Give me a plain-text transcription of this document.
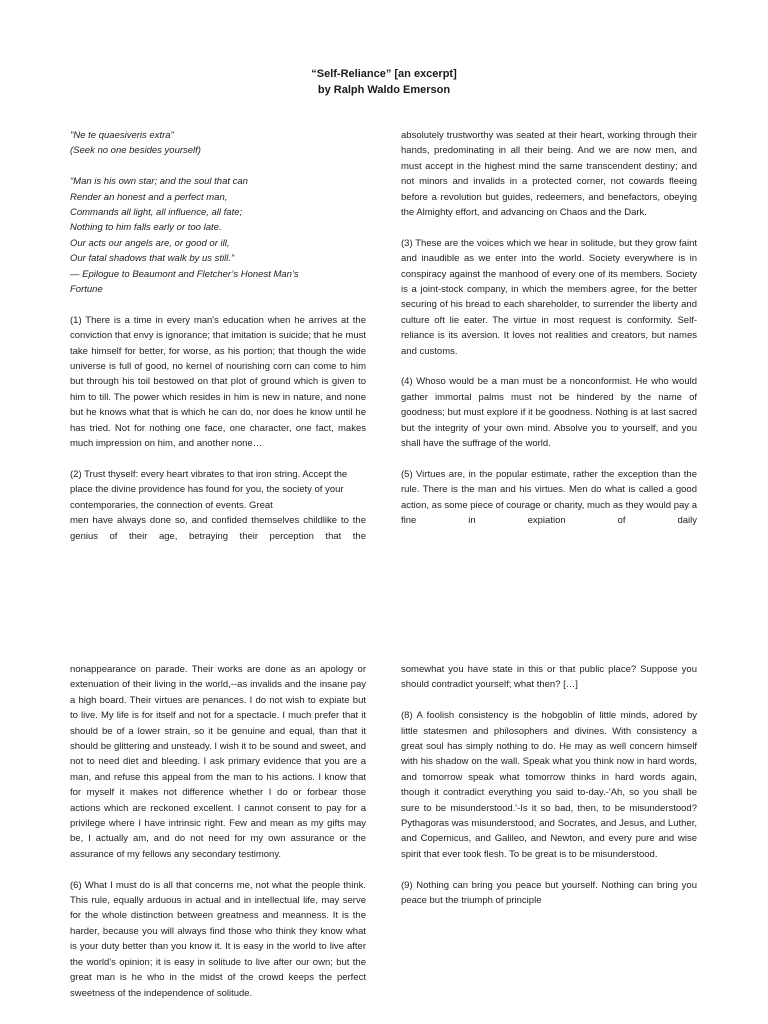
“Self-Reliance” [an excerpt]
by Ralph Waldo Emerson

"Ne te quaesiveris extra"
(Seek no one besides yourself)

“Man is his own star; and the soul that can
Render an honest and a perfect man,
Commands all light, all influence, all fate;
Nothing to him falls early or too late.
Our acts our angels are, or good or ill,
Our fatal shadows that walk by us still.”
— Epilogue to Beaumont and Fletcher’s Honest Man’s
Fortune

(1) There is a time in every man's education when he arrives at the conviction that envy is ignorance; that imitation is suicide; that he must take himself for better, for worse, as his portion; that though the wide universe is full of good, no kernel of nourishing corn can come to him but through his toil bestowed on that plot of ground which is given to him to till. The power which resides in him is new in nature, and none but he knows what that is which he can do, nor does he know until he has tried. Not for nothing one face, one character, one fact, makes much impression on him, and another none…

(2) Trust thyself: every heart vibrates to that iron string. Accept the place the divine providence has found for you, the society of your contemporaries, the connection of events. Great
men have always done so, and confided themselves childlike to the genius of their age, betraying their perception that the

absolutely trustworthy was seated at their heart, working through their hands, predominating in all their being. And we are now men, and must accept in the highest mind the same transcendent destiny; and not minors and invalids in a protected corner, not cowards fleeing before a revolution but guides, redeemers, and benefactors, obeying the Almighty effort, and advancing on Chaos and the Dark.

(3) These are the voices which we hear in solitude, but they grow faint and inaudible as we enter into the world. Society everywhere is in conspiracy against the manhood of every one of its members. Society is a joint-stock company, in which the members agree, for the better securing of his bread to each shareholder, to surrender the liberty and culture oft lie eater. The virtue in most request is conformity. Self-reliance is its aversion. It loves not realities and creators, but names and customs.

(4) Whoso would be a man must be a nonconformist. He who would gather immortal palms must not be hindered by the name of goodness; but must explore if it be goodness. Nothing is at last sacred but the integrity of your own mind. Absolve you to yourself, and you shall have the suffrage of the world.

(5) Virtues are, in the popular estimate, rather the exception than the rule. There is the man and his virtues. Men do what is called a good action, as some piece of courage or charity, much as they would pay a fine in expiation of daily

nonappearance on parade. Their works are done as an apology or extenuation of their living in the world,--as invalids and the insane pay a high board. Their virtues are penances. I do not wish to expiate but to live. My life is for itself and not for a spectacle. I much prefer that it should be of a lower strain, so it be genuine and equal, than that it should be glittering and unsteady. I wish it to be sound and sweet, and not to need diet and bleeding. I ask primary evidence that you are a man, and refuse this appeal from the man to his actions. I know that for myself it makes not difference whether I do or forbear those actions which are reckoned excellent. I cannot consent to pay for a privilege where I have intrinsic right. Few and mean as my gifts may be, I actually am, and do not need for my own assurance or the assurance of my fellows any secondary testimony.

(6) What I must do is all that concerns me, not what the people think. This rule, equally arduous in actual and in intellectual life, may serve for the whole distinction between greatness and meanness. It is the harder, because you will always find those who think they know what is your duty better than you know it. It is easy in the world to live after the world's opinion; it is easy in solitude to live after our own; but the great man is he who in the midst of the crowd keeps the perfect sweetness of the independence of solitude.

somewhat you have state in this or that public place? Suppose you should contradict yourself; what then? […]

(8) A foolish consistency is the hobgoblin of little minds, adored by little statesmen and philosophers and divines. With consistency a great soul has simply nothing to do. He may as well concern himself with his shadow on the wall. Speak what you think now in hard words, and tomorrow speak what tomorrow thinks in hard words again, though it contradict everything you said to-day.-'Ah, so you shall be sure to be misunderstood.'-Is it so bad, then, to be misunderstood? Pythagoras was misunderstood, and Socrates, and Jesus, and Luther, and Copernicus, and Galileo, and Newton, and every pure and wise spirit that ever took flesh. To be great is to be misunderstood.

(9) Nothing can bring you peace but yourself. Nothing can bring you peace but the triumph of principle
